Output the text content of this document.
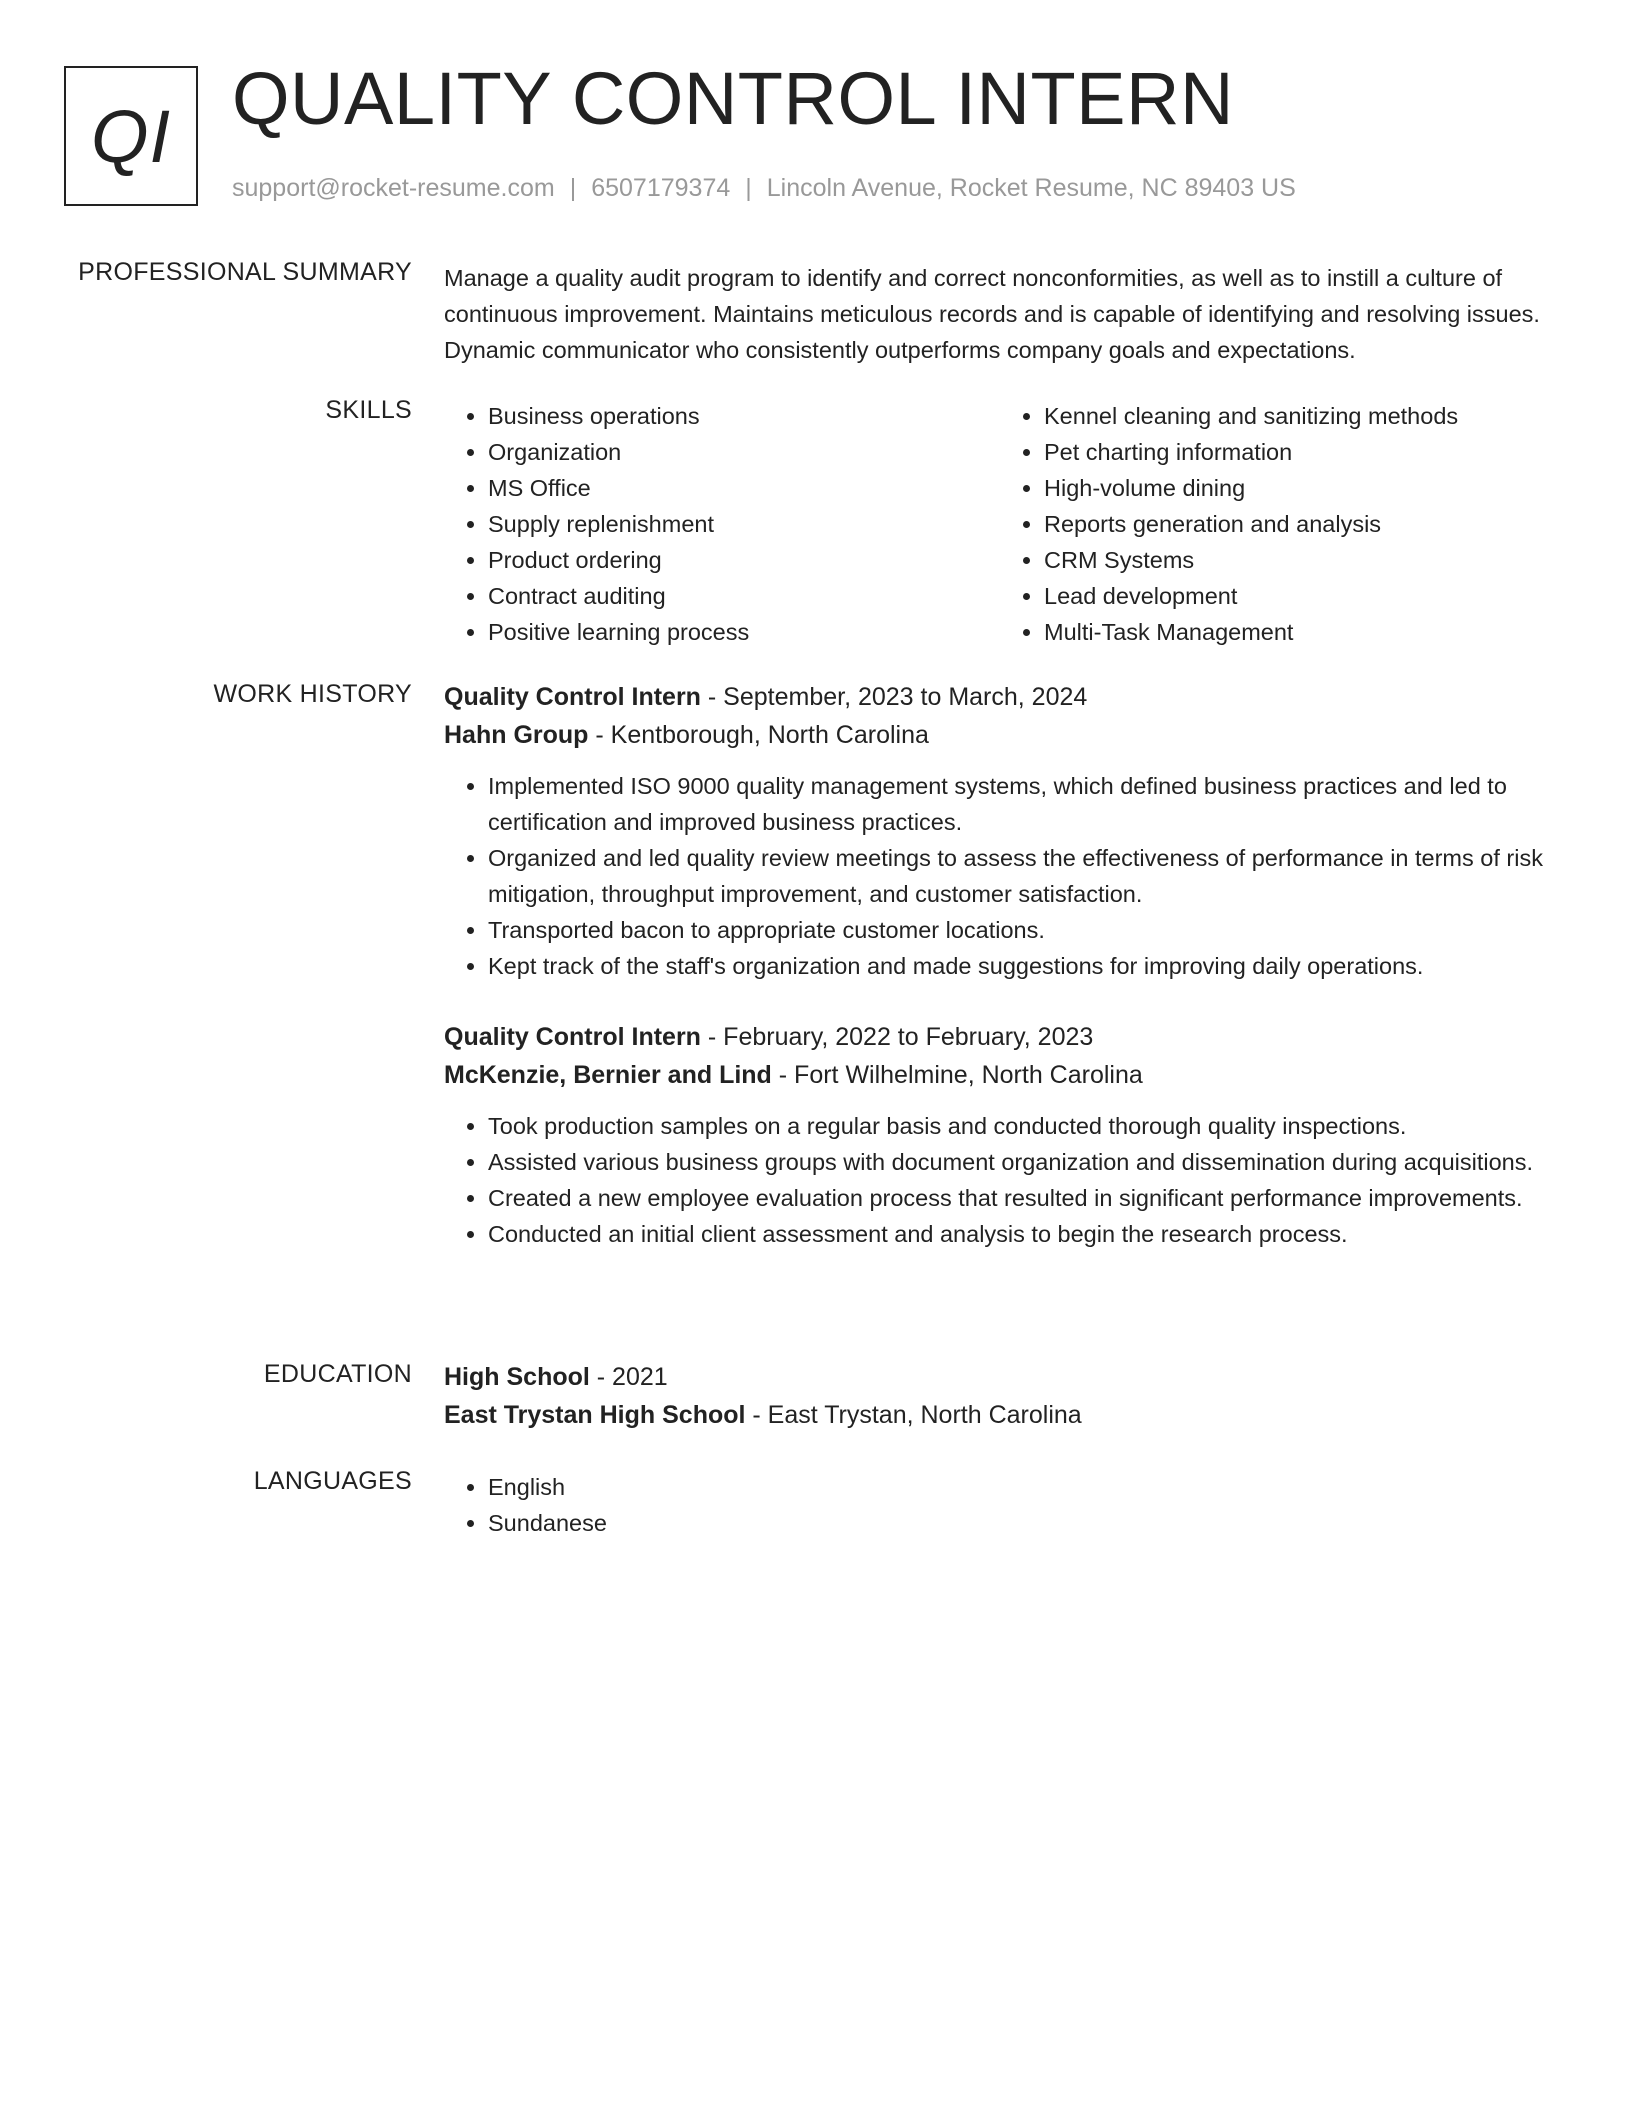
QI QUALITY CONTROL INTERN
support@rocket-resume.com | 6507179374 | Lincoln Avenue, Rocket Resume, NC 89403 US
PROFESSIONAL SUMMARY Manage a quality audit program to identify and correct nonconformities, as well as to instill a culture of continuous improvement. Maintains meticulous records and is capable of identifying and resolving issues. Dynamic communicator who consistently outperforms company goals and expectations.

SKILLS	• Business operations
• Organization
• MS Office
• Supply replenishment
• Product ordering
• Contract auditing
• Positive learning process
• Kennel cleaning and sanitizing methods
• Pet charting information
• High-volume dining
• Reports generation and analysis
• CRM Systems
• Lead development
• Multi-Task Management
WORK HISTORY Quality Control Intern - September, 2023 to March, 2024
Hahn Group - Kentborough, North Carolina
• Implemented ISO 9000 quality management systems, which defined business practices and led to certification and improved business practices.
• Organized and led quality review meetings to assess the effectiveness of performance in terms of risk mitigation, throughput improvement, and customer satisfaction.
• Transported bacon to appropriate customer locations.
• Kept track of the staff's organization and made suggestions for improving daily operations.
Quality Control Intern - February, 2022 to February, 2023
McKenzie, Bernier and Lind - Fort Wilhelmine, North Carolina
• Took production samples on a regular basis and conducted thorough quality inspections.
• Assisted various business groups with document organization and dissemination during acquisitions.
• Created a new employee evaluation process that resulted in significant performance improvements.
• Conducted an initial client assessment and analysis to begin the research process.
EDUCATION High School - 2021
East Trystan High School - East Trystan, North Carolina
LANGUAGES	• English
• Sundanese
